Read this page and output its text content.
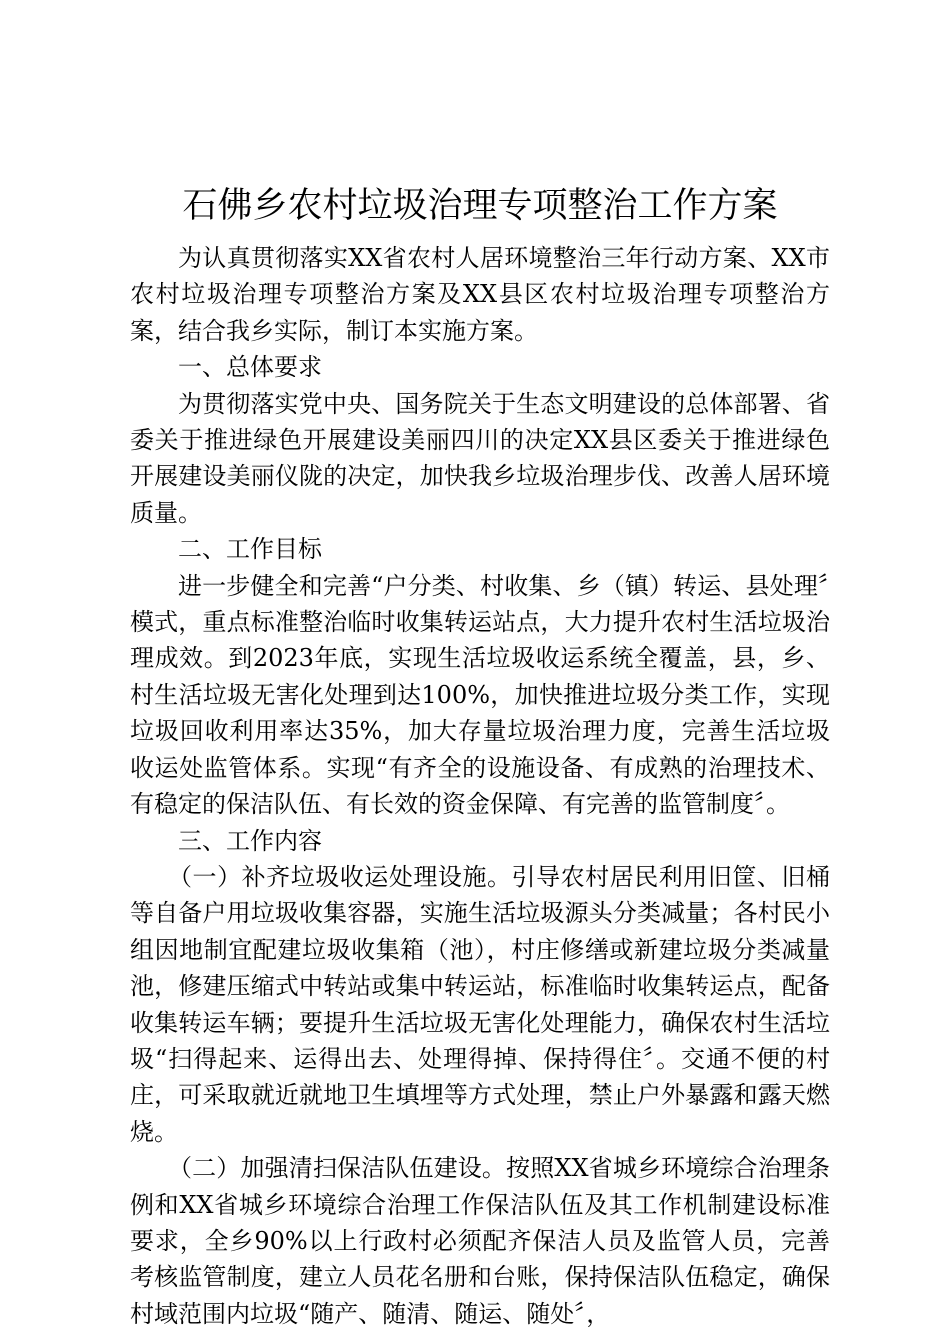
石佛乡农村垃圾治理专项整治工作方案

为认真贯彻落实XX省农村人居环境整治三年行动方案、XX市农村垃圾治理专项整治方案及XX县区农村垃圾治理专项整治方案，结合我乡实际，制订本实施方案。

一、总体要求

为贯彻落实党中央、国务院关于生态文明建设的总体部署、省委关于推进绿色开展建设美丽四川的决定XX县区委关于推进绿色开展建设美丽仪陇的决定，加快我乡垃圾治理步伐、改善人居环境质量。

二、工作目标

进一步健全和完善“户分类、村收集、乡（镇）转运、县处理〞模式，重点标准整治临时收集转运站点，大力提升农村生活垃圾治理成效。到2023年底，实现生活垃圾收运系统全覆盖，县，乡、村生活垃圾无害化处理到达100%，加快推进垃圾分类工作，实现垃圾回收利用率达35%，加大存量垃圾治理力度，完善生活垃圾收运处监管体系。实现“有齐全的设施设备、有成熟的治理技术、有稳定的保洁队伍、有长效的资金保障、有完善的监管制度〞。

三、工作内容

（一）补齐垃圾收运处理设施。引导农村居民利用旧筐、旧桶等自备户用垃圾收集容器，实施生活垃圾源头分类减量；各村民小组因地制宜配建垃圾收集箱（池），村庄修缮或新建垃圾分类减量池，修建压缩式中转站或集中转运站，标准临时收集转运点，配备收集转运车辆；要提升生活垃圾无害化处理能力，确保农村生活垃圾“扫得起来、运得出去、处理得掉、保持得住〞。交通不便的村庄，可采取就近就地卫生填埋等方式处理，禁止户外暴露和露天燃烧。

（二）加强清扫保洁队伍建设。按照XX省城乡环境综合治理条例和XX省城乡环境综合治理工作保洁队伍及其工作机制建设标准要求，全乡90%以上行政村必须配齐保洁人员及监管人员，完善考核监管制度，建立人员花名册和台账，保持保洁队伍稳定，确保村域范围内垃圾“随产、随清、随运、随处〞，
